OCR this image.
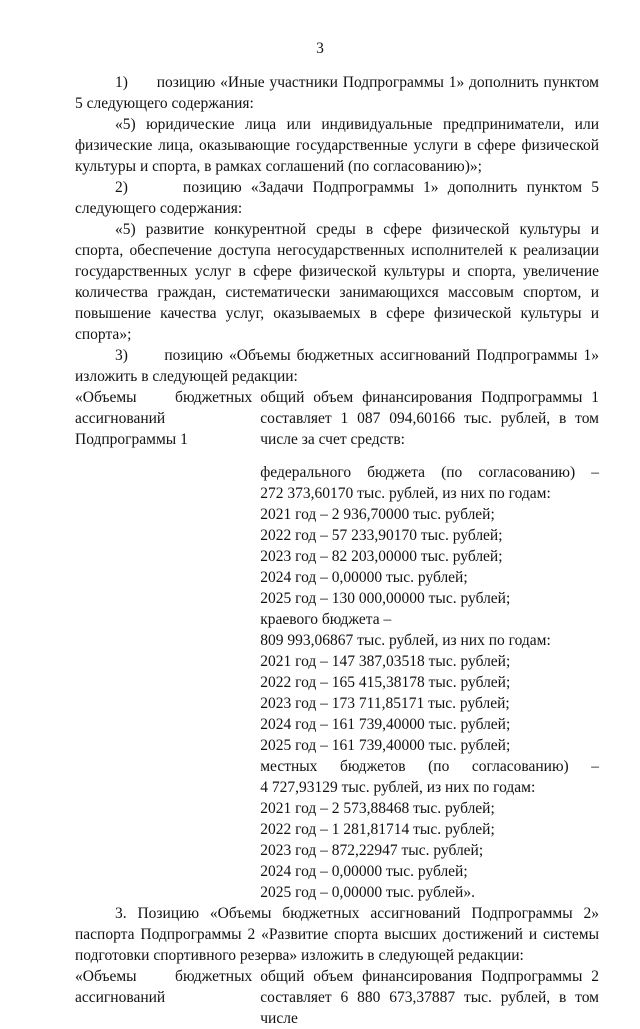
3
1)      позицию «Иные участники Подпрограммы 1» дополнить пунктом 5 следующего содержания:
«5) юридические лица или индивидуальные предприниматели, или физические лица, оказывающие государственные услуги в сфере физической культуры и спорта, в рамках соглашений (по согласованию)»;
2)      позицию «Задачи Подпрограммы 1» дополнить пунктом 5 следующего содержания:
«5) развитие конкурентной среды в сфере физической культуры и спорта, обеспечение доступа негосударственных исполнителей к реализации государственных услуг в сфере физической культуры и спорта, увеличение количества граждан, систематически занимающихся массовым спортом, и повышение качества услуг, оказываемых в сфере физической культуры и спорта»;
3)      позицию «Объемы бюджетных ассигнований Подпрограммы 1» изложить в следующей редакции:
«Объемы бюджетных ассигнований Подпрограммы 1
общий объем финансирования Подпрограммы 1 составляет 1 087 094,60166 тыс. рублей, в том числе за счет средств:
федерального бюджета (по согласованию) –
272 373,60170 тыс. рублей, из них по годам:
2021 год – 2 936,70000 тыс. рублей;
2022 год – 57 233,90170 тыс. рублей;
2023 год – 82 203,00000 тыс. рублей;
2024 год – 0,00000 тыс. рублей;
2025 год – 130 000,00000 тыс. рублей;
краевого бюджета –
809 993,06867 тыс. рублей, из них по годам:
2021 год – 147 387,03518 тыс. рублей;
2022 год – 165 415,38178 тыс. рублей;
2023 год – 173 711,85171 тыс. рублей;
2024 год – 161 739,40000 тыс. рублей;
2025 год – 161 739,40000 тыс. рублей;
местных бюджетов (по согласованию) –
4 727,93129 тыс. рублей, из них по годам:
2021 год – 2 573,88468 тыс. рублей;
2022 год – 1 281,81714 тыс. рублей;
2023 год – 872,22947 тыс. рублей;
2024 год – 0,00000 тыс. рублей;
2025 год – 0,00000 тыс. рублей».
3. Позицию «Объемы бюджетных ассигнований Подпрограммы 2» паспорта Подпрограммы 2 «Развитие спорта высших достижений и системы подготовки спортивного резерва» изложить в следующей редакции:
«Объемы бюджетных ассигнований
общий объем финансирования Подпрограммы 2 составляет 6 880 673,37887 тыс. рублей, в том числе
